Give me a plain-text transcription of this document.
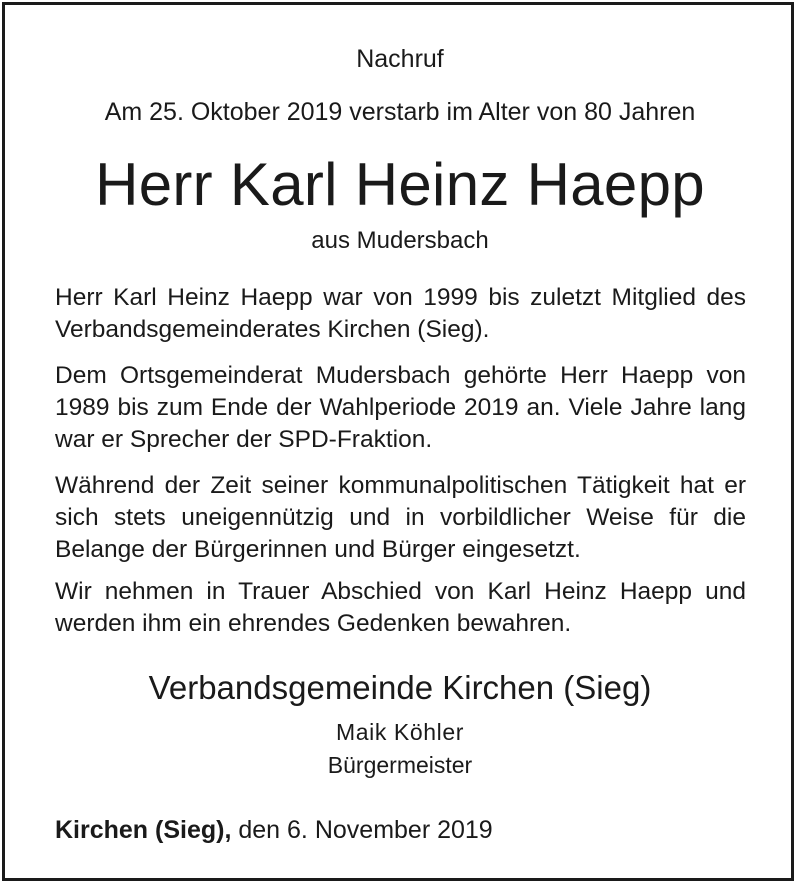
Nachruf
Am 25. Oktober 2019 verstarb im Alter von 80 Jahren
Herr Karl Heinz Haepp
aus Mudersbach
Herr Karl Heinz Haepp war von 1999 bis zuletzt Mitglied des Verbandsgemeinderates Kirchen (Sieg).
Dem Ortsgemeinderat Mudersbach gehörte Herr Haepp von 1989 bis zum Ende der Wahlperiode 2019 an. Viele Jahre lang war er Sprecher der SPD-Fraktion.
Während der Zeit seiner kommunalpolitischen Tätigkeit hat er sich stets uneigennützig und in vorbildlicher Weise für die Belange der Bürgerinnen und Bürger eingesetzt.
Wir nehmen in Trauer Abschied von Karl Heinz Haepp und werden ihm ein ehrendes Gedenken bewahren.
Verbandsgemeinde Kirchen (Sieg)
Maik Köhler
Bürgermeister
Kirchen (Sieg), den 6. November 2019
